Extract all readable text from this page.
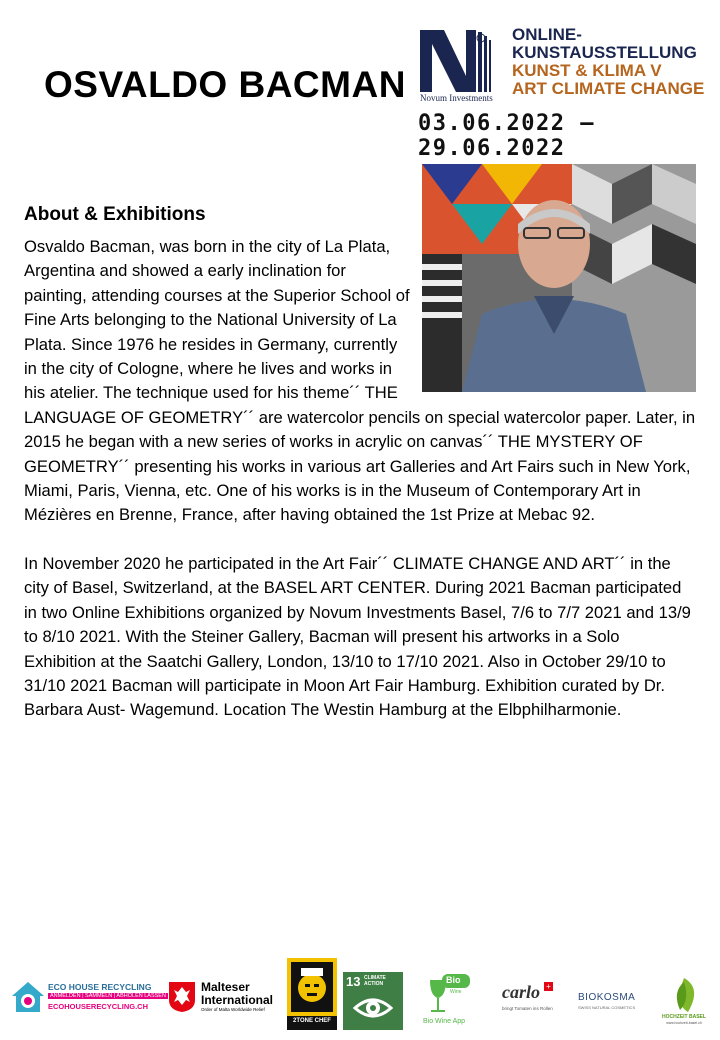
OSVALDO BACMAN Novum Investments
ONLINE-
KUNSTAUSSTELLUNG
KUNST & KLIMA V
ART CLIMATE CHANGE
03.06.2022 – 29.06.2022
About & Exhibitions

Osvaldo Bacman, was born in the city of La Plata, Argentina and showed a early inclination for painting, attending courses at the Superior School of Fine Arts belonging to the National University of La Plata. Since 1976 he resides in Germany, currently in the city of Cologne, where he lives and works in his atelier. The technique used for his theme´´ THE LANGUAGE OF GEOMETRY´´ are watercolor pencils on special watercolor paper. Later, in 2015 he began with a new series of works in acrylic on canvas´´ THE MYSTERY OF GEOMETRY´´ presenting his works in various art Galleries and Art Fairs such in New York, Miami, Paris, Vienna, etc. One of his works is in the Museum of Contemporary Art in Mézières en Brenne, France, after having obtained the 1st Prize at Mebac 92.

In November 2020 he participated in the Art Fair´´ CLIMATE CHANGE AND ART´´ in the city of Basel, Switzerland, at the BASEL ART CENTER. During 2021 Bacman participated in two Online Exhibitions organized by Novum Investments Basel, 7/6 to 7/7 2021 and 13/9 to 8/10 2021. With the Steiner Gallery, Bacman will present his artworks in a Solo Exhibition at the Saatchi Gallery, London, 13/10 to 17/10 2021. Also in October 29/10 to 31/10 2021 Bacman will participate in Moon Art Fair Hamburg. Exhibition curated by Dr. Barbara Aust- Wagemund. Location The Westin Hamburg at the Elbphilharmonie.

ECO HOUSE RECYCLING
ANMELDEN | SAMMELN | ABHOLEN LASSEN
ECOHOUSERECYCLING.CH
Malteser
International
Order of Malta Worldwide Relief
2TONE CHEF
13 CLIMATE
ACTION	Bio
Wine
Bio Wine App
carlo +
bringt Tomaten ins Rollen
BIOKOSMA
SWISS NATURAL COSMETICS
HOCHZEIT BASEL
www.hochzeit-basel.ch
